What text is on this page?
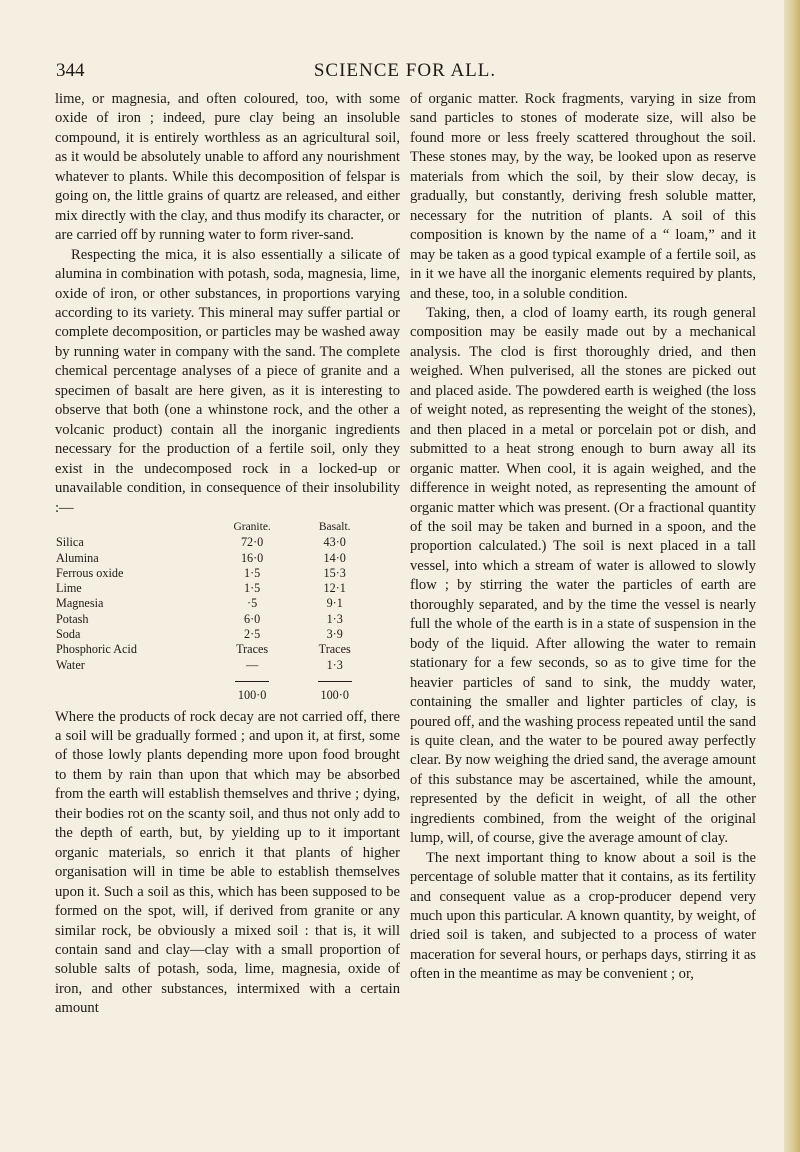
344	SCIENCE FOR ALL.

lime, or magnesia, and often coloured, too, with some oxide of iron ; indeed, pure clay being an insoluble compound, it is entirely worthless as an agricultural soil, as it would be absolutely unable to afford any nourishment whatever to plants. While this decomposition of felspar is going on, the little grains of quartz are released, and either mix directly with the clay, and thus modify its character, or are carried off by running water to form river-sand.

Respecting the mica, it is also essentially a silicate of alumina in combination with potash, soda, magnesia, lime, oxide of iron, or other substances, in proportions varying according to its variety. This mineral may suffer partial or complete decomposition, or particles may be washed away by running water in company with the sand. The complete chemical percentage analyses of a piece of granite and a specimen of basalt are here given, as it is interesting to observe that both (one a whinstone rock, and the other a volcanic product) contain all the inorganic ingredients necessary for the production of a fertile soil, only they exist in the undecomposed rock in a locked-up or unavailable condition, in consequence of their insolubility :—

	Granite.	Basalt.
Silica	72·0	43·0
Alumina	16·0	14·0
Ferrous oxide	1·5	15·3
Lime	1·5	12·1
Magnesia	·5	9·1
Potash	6·0	1·3
Soda	2·5	3·9
Phosphoric Acid	Traces	Traces
Water	—	1·3

	100·0	100·0

Where the products of rock decay are not carried off, there a soil will be gradually formed ; and upon it, at first, some of those lowly plants depending more upon food brought to them by rain than upon that which may be absorbed from the earth will establish themselves and thrive ; dying, their bodies rot on the scanty soil, and thus not only add to the depth of earth, but, by yielding up to it important organic materials, so enrich it that plants of higher organisation will in time be able to establish themselves upon it. Such a soil as this, which has been supposed to be formed on the spot, will, if derived from granite or any similar rock, be obviously a mixed soil : that is, it will contain sand and clay—clay with a small proportion of soluble salts of potash, soda, lime, magnesia, oxide of iron, and other substances, intermixed with a certain amount

of organic matter. Rock fragments, varying in size from sand particles to stones of moderate size, will also be found more or less freely scattered throughout the soil. These stones may, by the way, be looked upon as reserve materials from which the soil, by their slow decay, is gradually, but constantly, deriving fresh soluble matter, necessary for the nutrition of plants. A soil of this composition is known by the name of a “ loam,” and it may be taken as a good typical example of a fertile soil, as in it we have all the inorganic elements required by plants, and these, too, in a soluble condition.

Taking, then, a clod of loamy earth, its rough general composition may be easily made out by a mechanical analysis. The clod is first thoroughly dried, and then weighed. When pulverised, all the stones are picked out and placed aside. The powdered earth is weighed (the loss of weight noted, as representing the weight of the stones), and then placed in a metal or porcelain pot or dish, and submitted to a heat strong enough to burn away all its organic matter. When cool, it is again weighed, and the difference in weight noted, as representing the amount of organic matter which was present. (Or a fractional quantity of the soil may be taken and burned in a spoon, and the proportion calculated.) The soil is next placed in a tall vessel, into which a stream of water is allowed to slowly flow ; by stirring the water the particles of earth are thoroughly separated, and by the time the vessel is nearly full the whole of the earth is in a state of suspension in the body of the liquid. After allowing the water to remain stationary for a few seconds, so as to give time for the heavier particles of sand to sink, the muddy water, containing the smaller and lighter particles of clay, is poured off, and the washing process repeated until the sand is quite clean, and the water to be poured away perfectly clear. By now weighing the dried sand, the average amount of this substance may be ascertained, while the amount, represented by the deficit in weight, of all the other ingredients combined, from the weight of the original lump, will, of course, give the average amount of clay.

The next important thing to know about a soil is the percentage of soluble matter that it contains, as its fertility and consequent value as a crop-producer depend very much upon this particular. A known quantity, by weight, of dried soil is taken, and subjected to a process of water maceration for several hours, or perhaps days, stirring it as often in the meantime as may be convenient ; or,
